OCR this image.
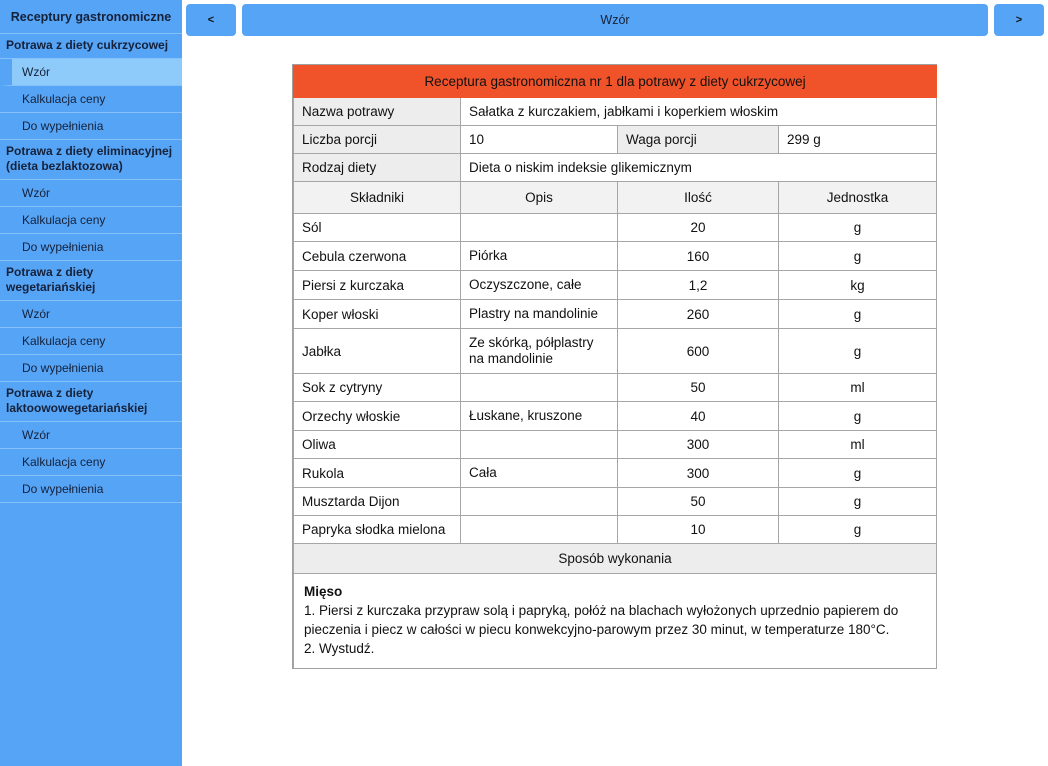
Receptury gastronomiczne
Potrawa z diety cukrzycowej
Wzór
Kalkulacja ceny
Do wypełnienia
Potrawa z diety eliminacyjnej (dieta bezlaktozowa)
Wzór
Kalkulacja ceny
Do wypełnienia
Potrawa z diety wegetariańskiej
Wzór
Kalkulacja ceny
Do wypełnienia
Potrawa z diety laktoowowegetariańskiej
Wzór
Kalkulacja ceny
Do wypełnienia
<	Wzór	>
Receptura gastronomiczna nr 1 dla potrawy z diety cukrzycowej			
Nazwa potrawy	Sałatka z kurczakiem, jabłkami i koperkiem włoskim		
Liczba porcji	10	Waga porcji	299 g
Rodzaj diety	Dieta o niskim indeksie glikemicznym		
Składniki	Opis	Ilość	Jednostka
Sól		20	g
Cebula czerwona	Piórka	160	g
Piersi z kurczaka	Oczyszczone, całe	1,2	kg
Koper włoski	Plastry na mandolinie	260	g
Jabłka	Ze skórką, półplastry na mandolinie	600	g
Sok z cytryny		50	ml
Orzechy włoskie	Łuskane, kruszone	40	g
Oliwa		300	ml
Rukola	Cała	300	g
Musztarda Dijon		50	g
Papryka słodka mielona		10	g
Sposób wykonania			

Mięso
1. Piersi z kurczaka przypraw solą i papryką, połóż na blachach wyłożonych uprzednio papierem do pieczenia i piecz w całości w piecu konwekcyjno-parowym przez 30 minut, w temperaturze 180°C.
2. Wystudź.			
